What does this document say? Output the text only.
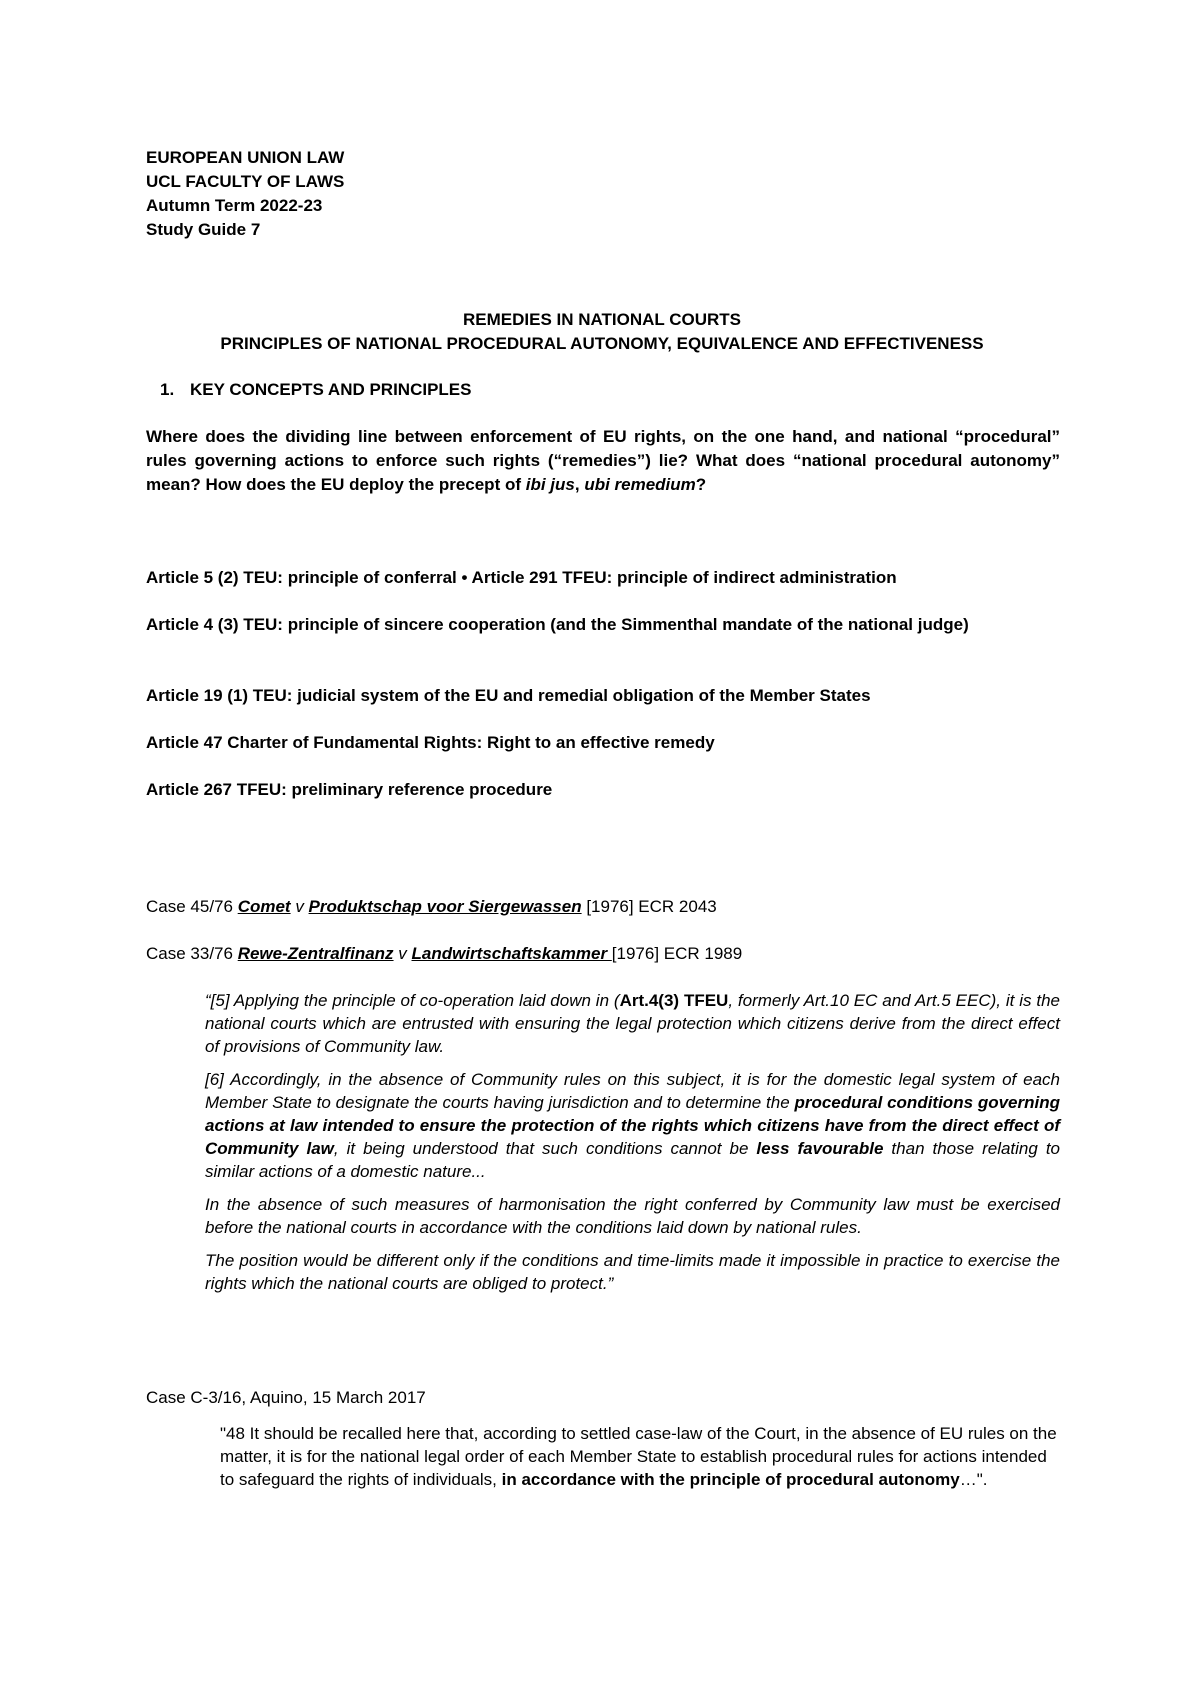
EUROPEAN UNION LAW
UCL FACULTY OF LAWS
Autumn Term 2022-23
Study Guide 7
REMEDIES IN NATIONAL COURTS
PRINCIPLES OF NATIONAL PROCEDURAL AUTONOMY, EQUIVALENCE AND EFFECTIVENESS
1. KEY CONCEPTS AND PRINCIPLES
Where does the dividing line between enforcement of EU rights, on the one hand, and national “procedural” rules governing actions to enforce such rights (“remedies”) lie? What does “national procedural autonomy” mean? How does the EU deploy the precept of ibi jus, ubi remedium?
Article 5 (2) TEU: principle of conferral • Article 291 TFEU: principle of indirect administration
Article 4 (3) TEU: principle of sincere cooperation (and the Simmenthal mandate of the national judge)
Article 19 (1) TEU: judicial system of the EU and remedial obligation of the Member States
Article 47 Charter of Fundamental Rights: Right to an effective remedy
Article 267 TFEU: preliminary reference procedure
Case 45/76 Comet v Produktschap voor Siergewassen [1976] ECR 2043
Case 33/76 Rewe-Zentralfinanz v Landwirtschaftskammer [1976] ECR 1989

“[5] Applying the principle of co-operation laid down in (Art.4(3) TFEU, formerly Art.10 EC and Art.5 EEC), it is the national courts which are entrusted with ensuring the legal protection which citizens derive from the direct effect of provisions of Community law.

[6] Accordingly, in the absence of Community rules on this subject, it is for the domestic legal system of each Member State to designate the courts having jurisdiction and to determine the procedural conditions governing actions at law intended to ensure the protection of the rights which citizens have from the direct effect of Community law, it being understood that such conditions cannot be less favourable than those relating to similar actions of a domestic nature...

In the absence of such measures of harmonisation the right conferred by Community law must be exercised before the national courts in accordance with the conditions laid down by national rules.

The position would be different only if the conditions and time-limits made it impossible in practice to exercise the rights which the national courts are obliged to protect.”

Case C-3/16, Aquino, 15 March 2017
"48 It should be recalled here that, according to settled case-law of the Court, in the absence of EU rules on the matter, it is for the national legal order of each Member State to establish procedural rules for actions intended to safeguard the rights of individuals, in accordance with the principle of procedural autonomy…".
